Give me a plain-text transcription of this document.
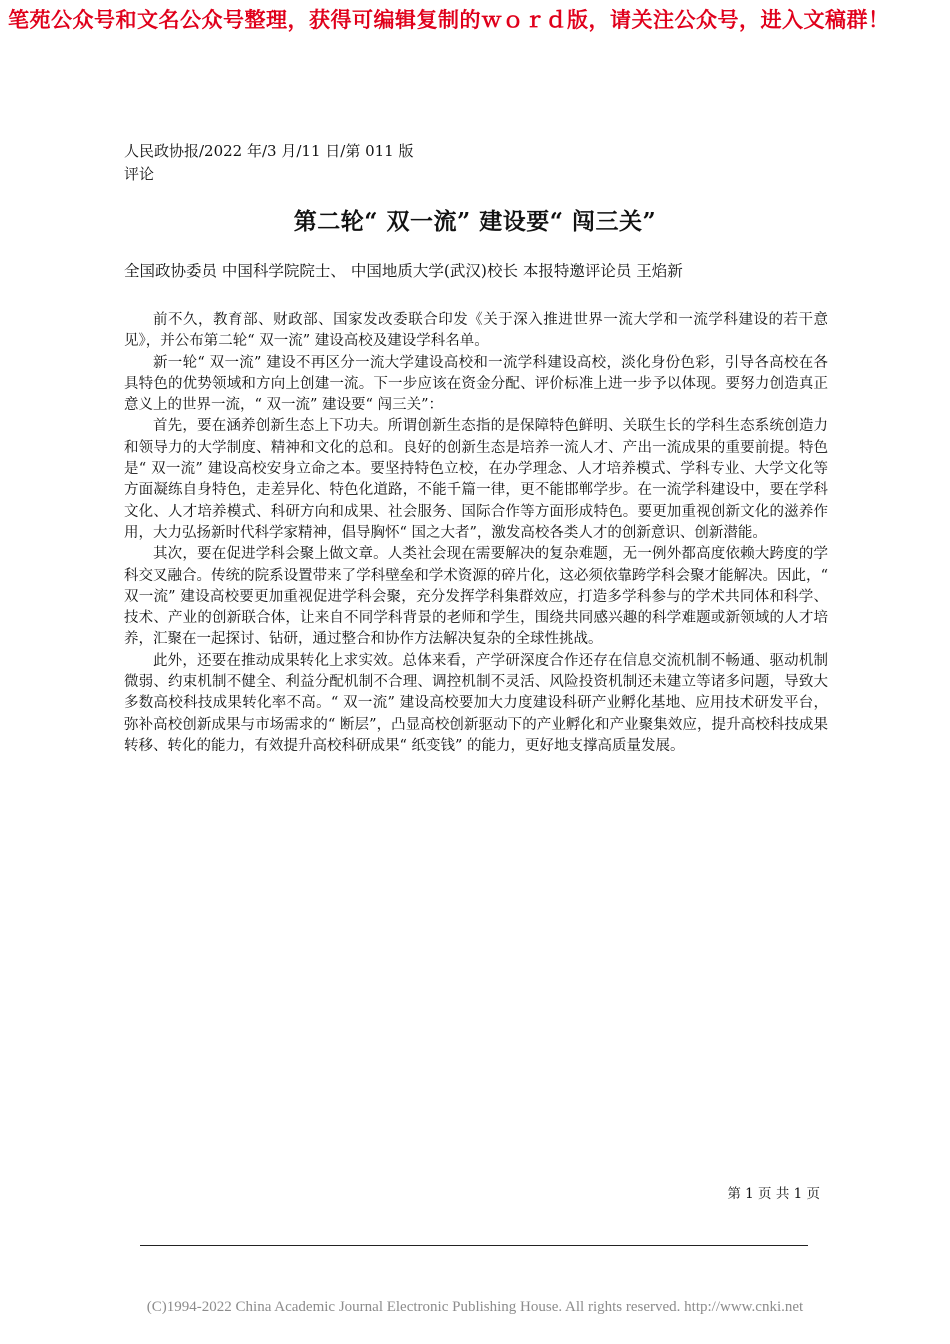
笔苑公众号和文名公众号整理，获得可编辑复制的ｗｏｒｄ版，请关注公众号，进入文稿群！
人民政协报/2022 年/3 月/11 日/第 011 版评论
第二轮“ 双一流” 建设要“ 闯三关”
全国政协委员 中国科学院院士、 中国地质大学(武汉)校长 本报特邀评论员 王焰新

前不久，教育部、财政部、国家发改委联合印发《关于深入推进世界一流大学和一流学科建设的若干意见》，并公布第二轮“ 双一流” 建设高校及建设学科名单。

新一轮“ 双一流” 建设不再区分一流大学建设高校和一流学科建设高校，淡化身份色彩，引导各高校在各具特色的优势领域和方向上创建一流。下一步应该在资金分配、评价标准上进一步予以体现。要努力创造真正意义上的世界一流，“ 双一流” 建设要“ 闯三关”：

首先，要在涵养创新生态上下功夫。所谓创新生态指的是保障特色鲜明、关联生长的学科生态系统创造力和领导力的大学制度、精神和文化的总和。良好的创新生态是培养一流人才、产出一流成果的重要前提。特色是“ 双一流” 建设高校安身立命之本。要坚持特色立校，在办学理念、人才培养模式、学科专业、大学文化等方面凝练自身特色，走差异化、特色化道路，不能千篇一律，更不能邯郸学步。在一流学科建设中，要在学科文化、人才培养模式、科研方向和成果、社会服务、国际合作等方面形成特色。要更加重视创新文化的滋养作用，大力弘扬新时代科学家精神，倡导胸怀“ 国之大者”，激发高校各类人才的创新意识、创新潜能。

其次，要在促进学科会聚上做文章。人类社会现在需要解决的复杂难题，无一例外都高度依赖大跨度的学科交叉融合。传统的院系设置带来了学科壁垒和学术资源的碎片化，这必须依靠跨学科会聚才能解决。因此，“ 双一流” 建设高校要更加重视促进学科会聚，充分发挥学科集群效应，打造多学科参与的学术共同体和科学、技术、产业的创新联合体，让来自不同学科背景的老师和学生，围绕共同感兴趣的科学难题或新领域的人才培养，汇聚在一起探讨、钻研，通过整合和协作方法解决复杂的全球性挑战。

此外，还要在推动成果转化上求实效。总体来看，产学研深度合作还存在信息交流机制不畅通、驱动机制微弱、约束机制不健全、利益分配机制不合理、调控机制不灵活、风险投资机制还未建立等诸多问题，导致大多数高校科技成果转化率不高。“ 双一流” 建设高校要加大力度建设科研产业孵化基地、应用技术研发平台，弥补高校创新成果与市场需求的“ 断层”，凸显高校创新驱动下的产业孵化和产业聚集效应，提升高校科技成果转移、转化的能力，有效提升高校科研成果“ 纸变钱” 的能力，更好地支撑高质量发展。

第 1 页 共 1 页
(C)1994-2022 China Academic Journal Electronic Publishing House. All rights reserved. http://www.cnki.net
